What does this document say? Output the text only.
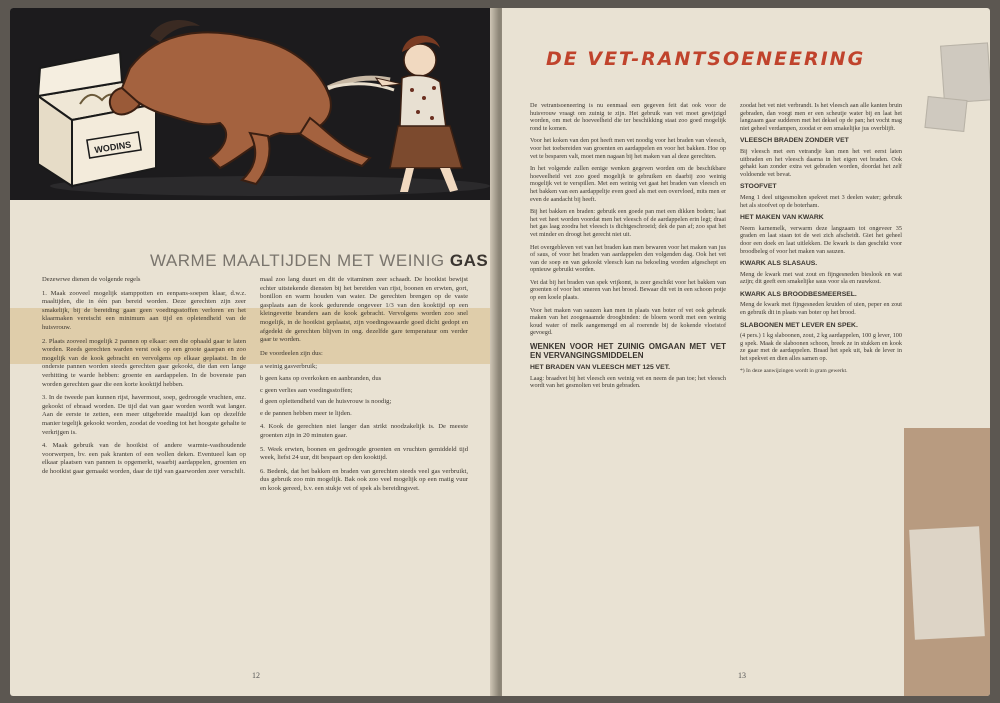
WODINS
WARME MAALTIJDEN MET WEINIG GAS

Dezewrwe dienen de volgende regels

1. Maak zooveel mogelijk stamppotten en eenpans-soepen klaar, d.w.z. maaltijden, die in één pan bereid worden. Deze gerechten zijn zeer smakelijk, bij de bereiding gaan geen voedingsstoffen verloren en het klaarmaken vereischt een minimum aan tijd en opletendheid van de huisvrouw.

2. Plaats zooveel mogelijk 2 pannen op elkaar: een die ophaald gaar te laten worden. Reeds gerechten warden verst ook op een groote gaarpan en zoo mogelijk van de kook gebracht en vervolgens op elkaar geplaatst. In de onderste pannen worden steeds gerechten gaar gekookt, die dan een lange verhitting te warde hebben: groente en aardappelen. In de bovenste pan worden gerechten gaar die een korte kooktijd hebben.

3. In de tweede pan kunnen rijst, havermout, soep, gedroogde vruchten, enz. gekookt of ebraad worden. De tijd dat van gaar worden wordt wat langer. Aan de eerste te zetten, een meer uitgebreide maaltijd kan op dezelfde manier tegelijk gekookt worden, zoodat de voeding tot het hoogste gehalte te verkrijgen is.

4. Maak gebruik van de hooikist of andere warmte-vasthoudende voorwerpen, bv. een pak kranten of een wollen deken. Eventueel kan op elkaar plaatsen van pannen is opgemerkt, waarbij aardappelen, groenten en de hooikist gaar gemaakt worden, daar de tijd van gaarworden zeer verschilt.

maal zoo lang duurt en dit de vitaminen zeer schaadt. De hooikist bewijst echter uitstekende diensten bij het bereiden van rijst, boonen en erwten, gort, bonillon en warm houden van water. De gerechten brengen op de vaste gasplaats aan de kook gedurende ongeveer 1/3 van den kooktijd op een kleingevette branders aan de kook gebracht. Vervolgens worden zoo snel mogelijk, in de hooikist geplaatst, zijn voedingswaarde goed dicht gedopt en afgedekt de gerechten blijven in ong. dezelfde gare temperatuur om verder gaar te worden.

De voordeelen zijn dus:

a weinig gasverbruik;

b geen kans op overkoken en aanbranden, dus

c geen verlies aan voedingsstoffen;

d geen oplettendheid van de huisvrouw is noodig;

e de pannen hebben meer te lijden.

4. Kook de gerechten niet langer dan strikt noodzakelijk is. De meeste groenten zijn in 20 minuten gaar.

5. Week erwten, boonen en gedroogde groenten en vruchten gemiddeld tijd week, liefst 24 uur, dit bespaart op den kooktijd.

6. Bedenk, dat het bakken en braden van gerechten steeds veel gas verbruikt, dus gebruik zoo min mogelijk. Bak ook zoo veel mogelijk op een matig vuur en kook gereed, b.v. een stukje vet of spek als bereidingsvet.

12
DE VET-RANTSOENEERING

De vetrantsoeneering is nu eenmaal een gegeven feit dat ook voor de huisvrouw vraagt om zuinig te zijn. Het gebruik van vet moet gewijzigd worden, om met de hoeveelheid die ter beschikking staat zoo goed mogelijk rond te komen.

Voor het koken van den pot heeft men vet noodig voor het braden van vleesch, voor het toebereiden van groenten en aardappelen en voor het bakken. Hoe op vet te besparen valt, moet men nagaan bij het maken van al deze gerechten.

In het volgende zullen eenige wenken gegeven worden om de beschikbare hoeveelheid vet zoo goed mogelijk te gebruiken en daarbij zoo weinig mogelijk vet te verspillen. Met een weinig vet gaat het braden van vleesch en het bakken van een aardappeltje even goed als met een overvloed, mits men er even de aandacht bij heeft.

Bij het bakken en braden: gebruik een goede pan met een dikken bodem; laat het vet heet worden voordat men het vleesch of de aardappelen erin legt; draai het gas laag zoodra het vleesch is dichtgeschroeid; dek de pan af; zoo spat het vet minder en droogt het gerecht niet uit.

Het overgebleven vet van het braden kan men bewaren voor het maken van jus of saus, of voor het braden van aardappelen den volgenden dag. Ook het vet van de soep en van gekookt vleesch kan na bekoeling worden afgeschept en opnieuw gebruikt worden.

Vet dat bij het braden van spek vrijkomt, is zeer geschikt voor het bakken van groenten of voor het smeren van het brood. Bewaar dit vet in een schoon potje op een koele plaats.

Voor het maken van sauzen kan men in plaats van boter of vet ook gebruik maken van het zoogenaamde droogbinden: de bloem wordt met een weinig koud water of melk aangemengd en al roerende bij de kokende vloeistof gevoegd.

WENKEN VOOR HET ZUINIG OMGAAN MET VET EN VERVANGINGSMIDDELEN
HET BRADEN VAN VLEESCH MET 125 VET.

Laag: braadvet bij het vleesch een weinig vet en neem de pan toe; het vleesch wordt van het gesmolten vet bruin gebraden.

zoodat het vet niet verbrandt. Is het vleesch aan alle kanten bruin gebraden, dan voegt men er een scheutje water bij en laat het langzaam gaar sudderen met het deksel op de pan; het vocht mag niet geheel verdampen, zoodat er een smakelijke jus overblijft.

VLEESCH BRADEN ZONDER VET

Bij vleesch met een vetrandje kan men het vet eerst laten uitbraden en het vleesch daarna in het eigen vet braden. Ook gehakt kan zonder extra vet gebraden worden, doordat het zelf voldoende vet bevat.

STOOFVET

Meng 1 deel uitgesmolten spekvet met 3 deelen water; gebruik het als stoofvet op de boterham.

HET MAKEN VAN KWARK

Neem karnemelk, verwarm deze langzaam tot ongeveer 35 graden en laat staan tot de wei zich afscheidt. Giet het geheel door een doek en laat uitlekken. De kwark is dan geschikt voor broodbeleg of voor het maken van sauzen.

KWARK ALS SLASAUS.

Meng de kwark met wat zout en fijngesneden bieslook en wat azijn; dit geeft een smakelijke saus voor sla en rauwkost.

KWARK ALS BROODBESMEERSEL.

Meng de kwark met fijngesneden kruiden of uien, peper en zout en gebruik dit in plaats van boter op het brood.

SLABOONEN MET LEVER EN SPEK.

(4 pers.) 1 kg slaboonen, zout, 2 kg aardappelen, 100 g lever, 100 g spek. Maak de slaboonen schoon, breek ze in stukken en kook ze gaar met de aardappelen. Braad het spek uit, bak de lever in het spekvet en dien alles samen op.

*) In deze aanwijzingen wordt in gram gewerkt.

13
